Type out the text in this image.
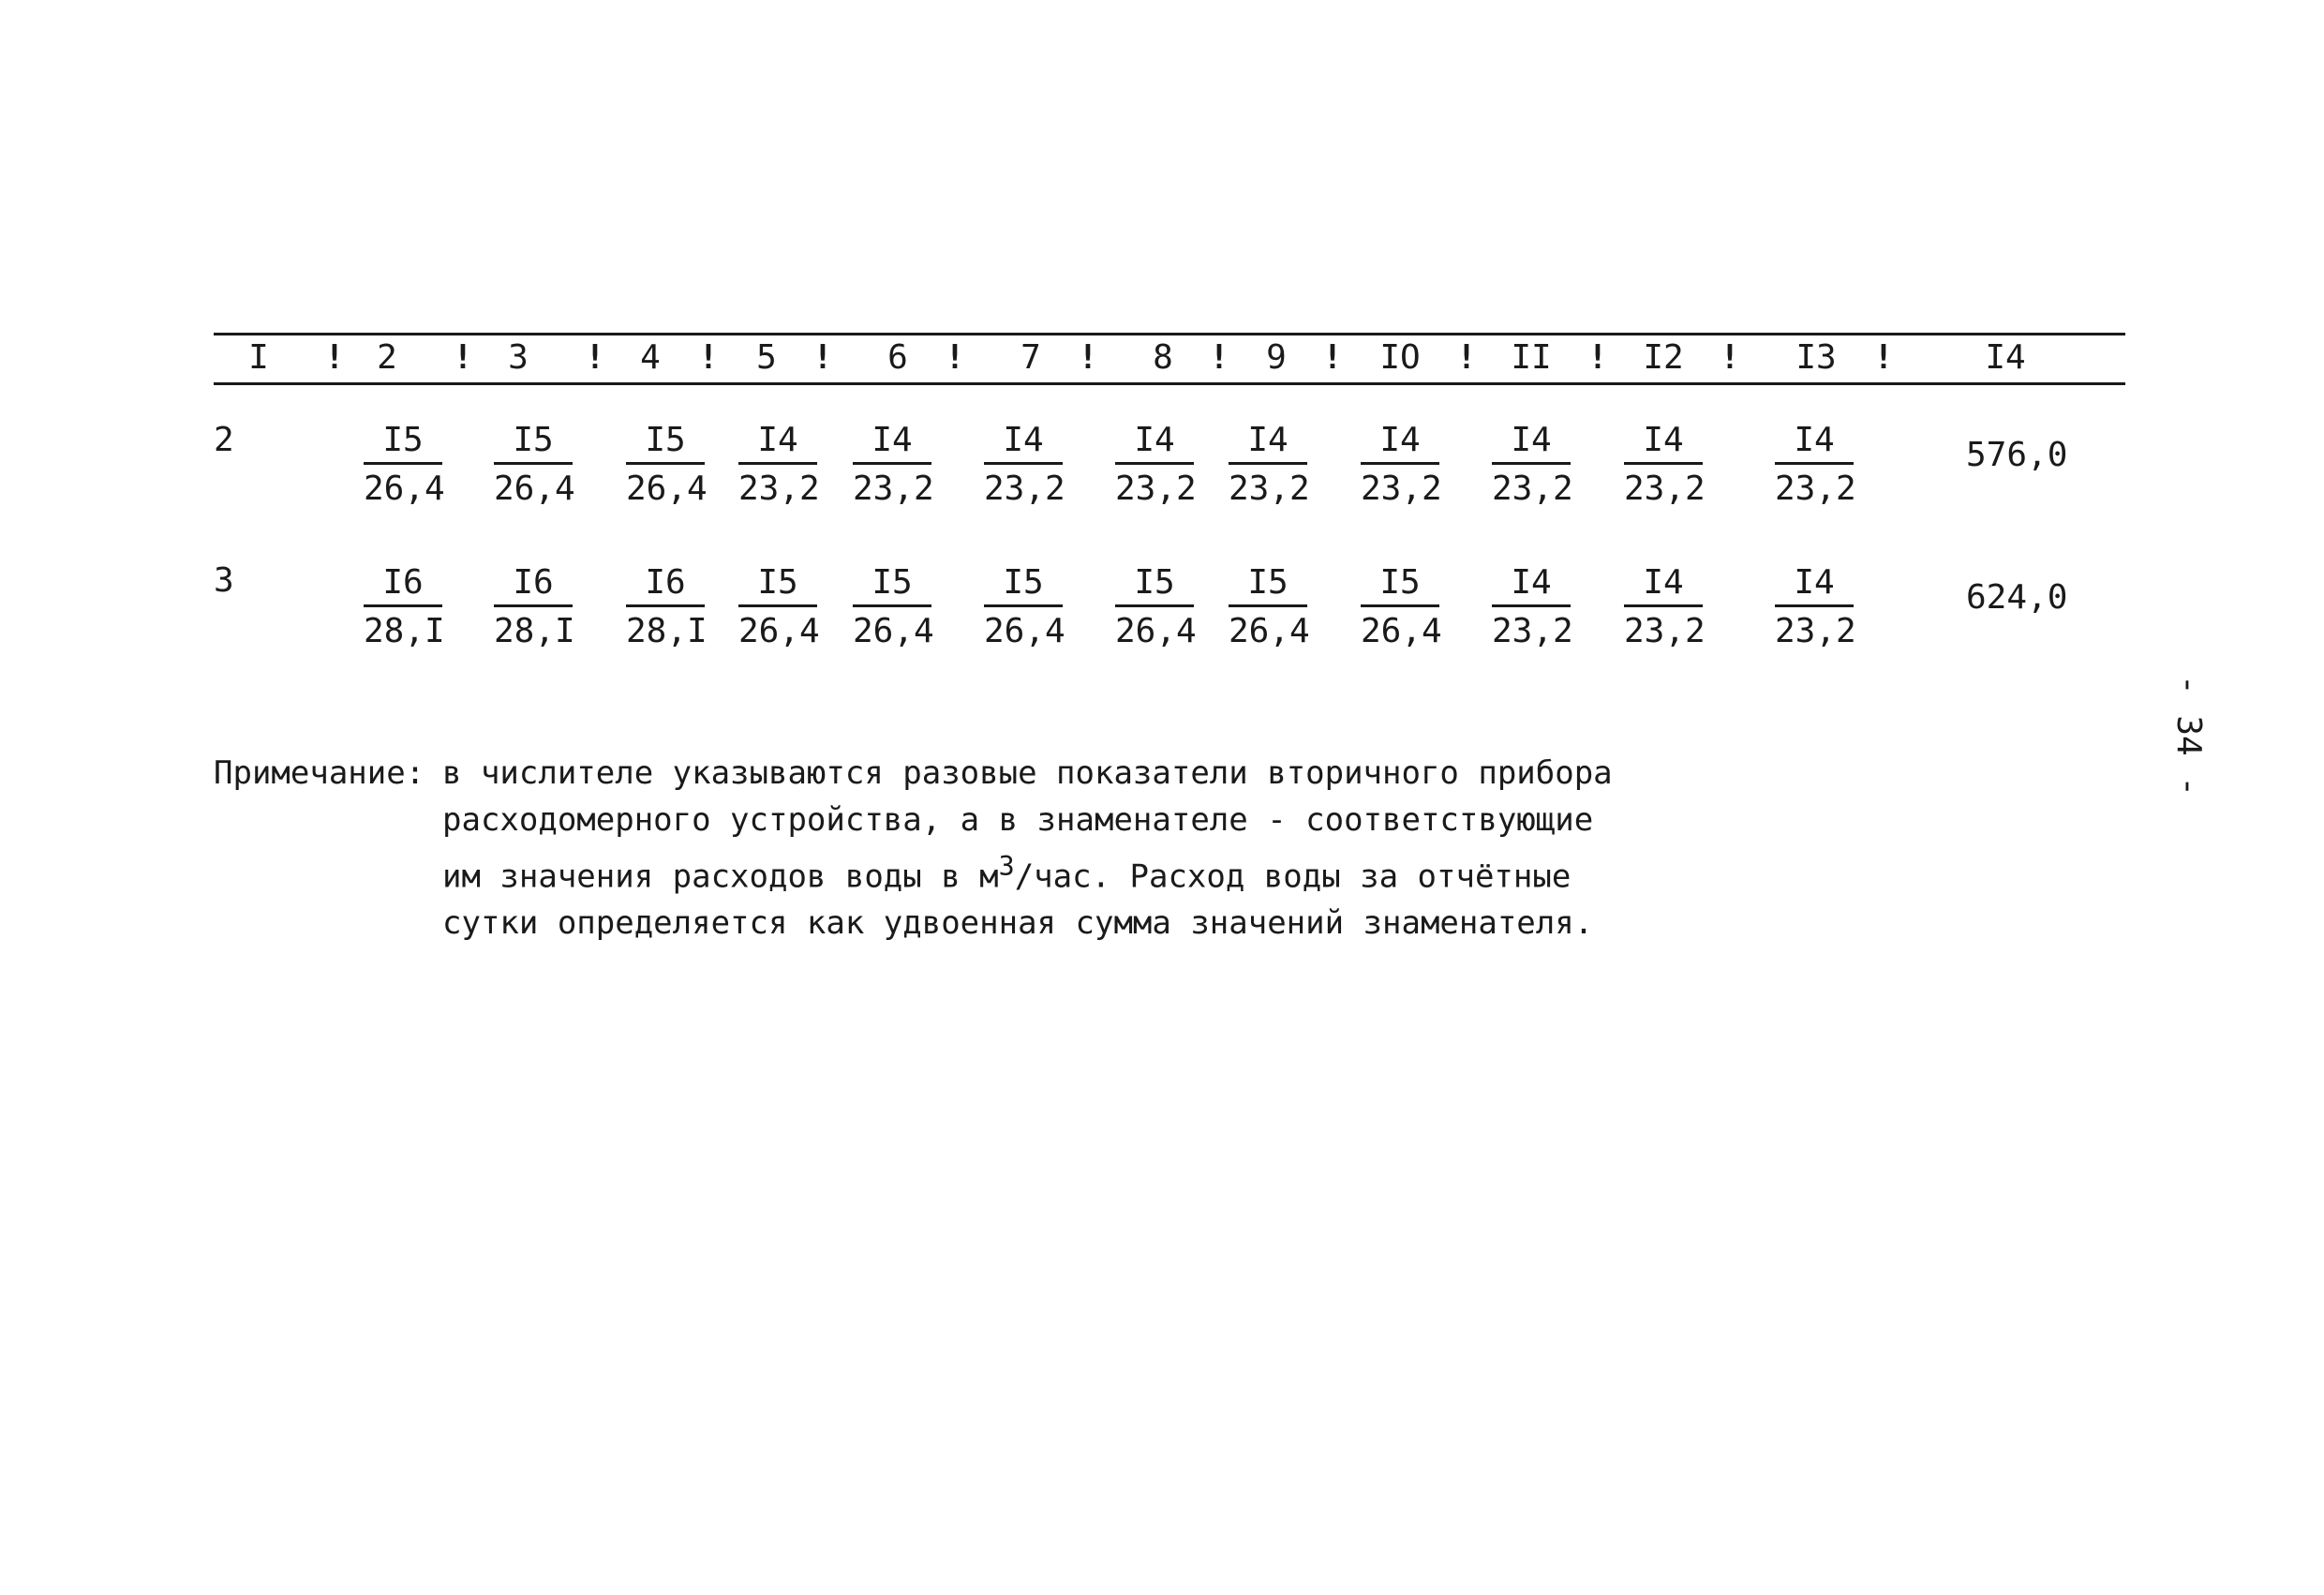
I ! 2 ! 3 ! 4 ! 5 ! 6 ! 7 ! 8 ! 9 ! IO ! II ! I2 ! I3 !	I4
2	$\frac{I5}{26,4} \frac{I5}{26,4} \frac{I5}{26,4} \frac{I4}{23,2} \frac{I4}{23,2} \frac{I4}{23,2} \frac{I4}{23,2} \frac{I4}{23,2} \frac{I4}{23,2} \frac{I4}{23,2} \frac{I4}{23,2} \frac{I4}{23,2}$	576,0
3	$\frac{I6}{28,I} \frac{I6}{28,I} \frac{I6}{28,I} \frac{I5}{26,4} \frac{I5}{26,4} \frac{I5}{26,4} \frac{I5}{26,4} \frac{I5}{26,4} \frac{I5}{26,4} \frac{I4}{23,2} \frac{I4}{23,2} \frac{I4}{23,2}$	624,0
Примечание: в числителе указываются разовые показатели вторичного прибора
расходомерного устройства, а в знаменателе - соответствующие
им значения расходов воды в $м^3$/час. Расход воды за отчётные
сутки определяется как удвоенная сумма значений знаменателя.
- 34 -
